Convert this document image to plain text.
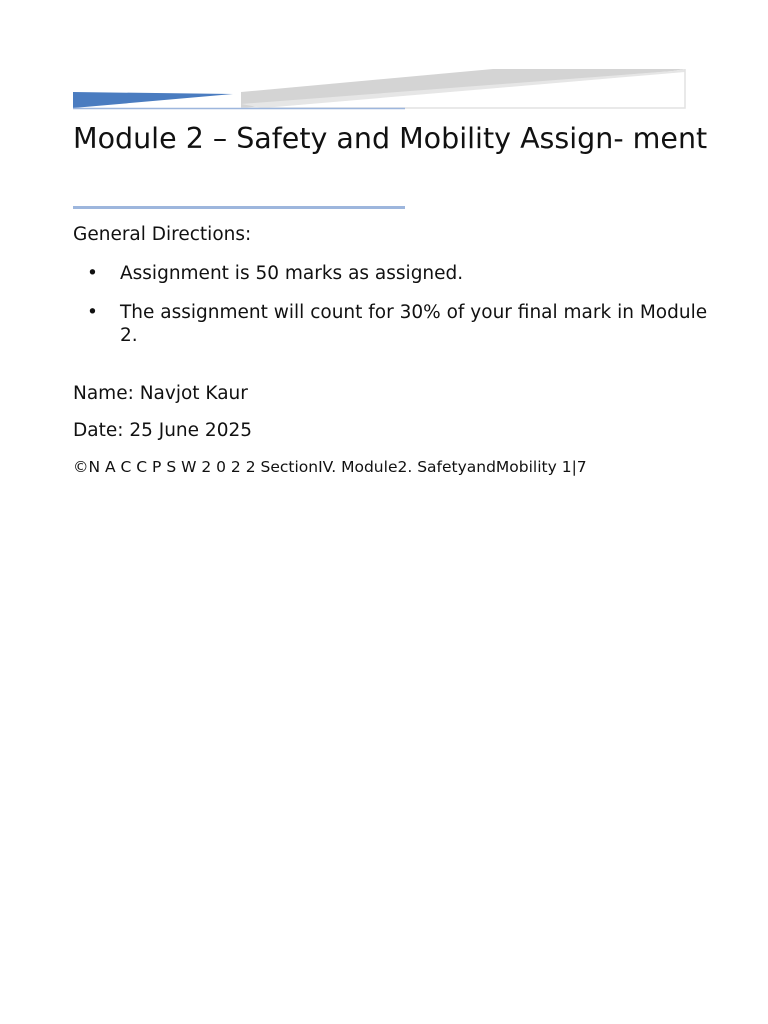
Module 2 – Safety and Mobility Assign- ment

General Directions:

• Assignment is 50 marks as assigned.
• The assignment will count for 30% of your final mark in Module 2.

Name: Navjot Kaur

Date: 25 June 2025

©N A C C P S W 2 0 2 2 SectionIV. Module2. SafetyandMobility 1|7
